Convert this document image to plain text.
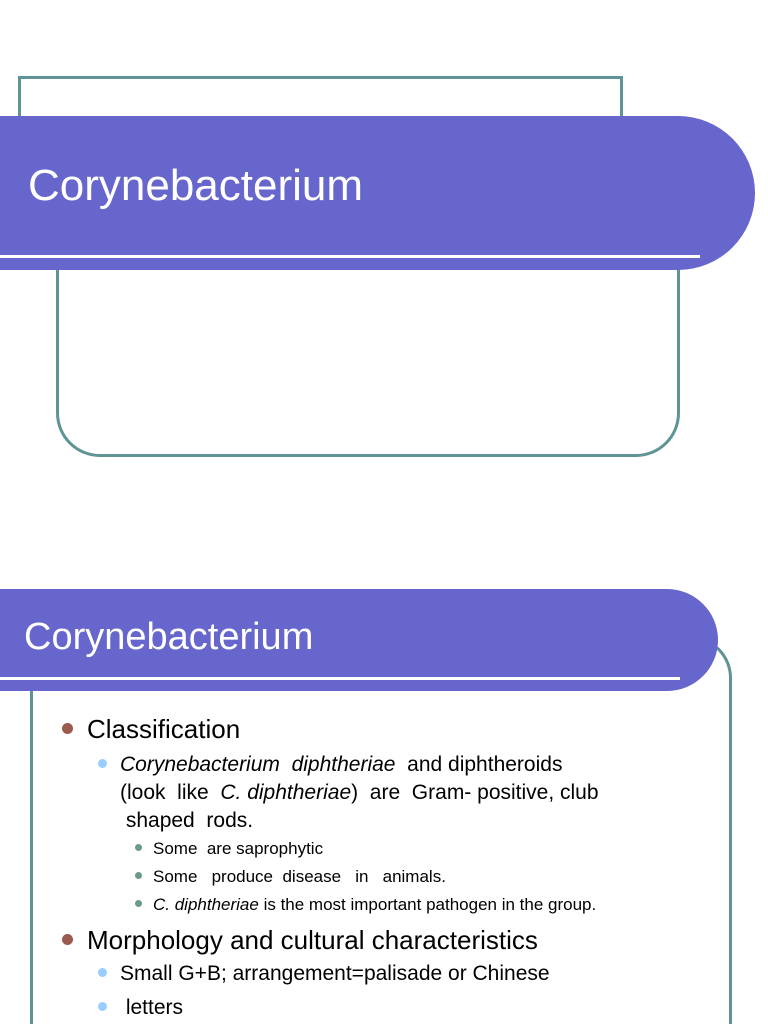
Corynebacterium
Corynebacterium
Classification
Corynebacterium  diphtheriae  and diphtheroids
(look  like  C. diphtheriae)  are  Gram- positive, club
shaped  rods.
Some  are saprophytic
Some   produce  disease   in   animals.
C. diphtheriae is the most important pathogen in the group.
Morphology and cultural characteristics
Small G+B; arrangement=palisade or Chinese
letters
